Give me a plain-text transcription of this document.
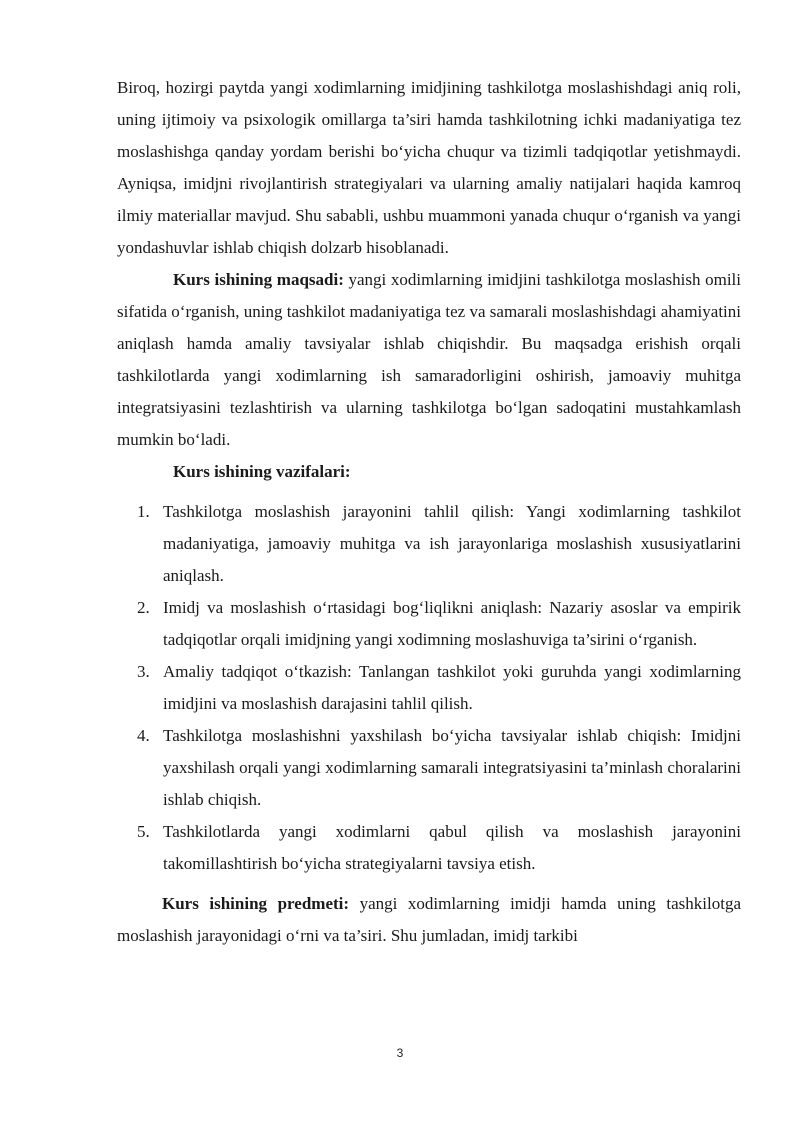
Biroq, hozirgi paytda yangi xodimlarning imidjining tashkilotga moslashishdagi aniq roli, uning ijtimoiy va psixologik omillarga ta’siri hamda tashkilotning ichki madaniyatiga tez moslashishga qanday yordam berishi bo‘yicha chuqur va tizimli tadqiqotlar yetishmaydi. Ayniqsa, imidjni rivojlantirish strategiyalari va ularning amaliy natijalari haqida kamroq ilmiy materiallar mavjud. Shu sababli, ushbu muammoni yanada chuqur o‘rganish va yangi yondashuvlar ishlab chiqish dolzarb hisoblanadi.

Kurs ishining maqsadi: yangi xodimlarning imidjini tashkilotga moslashish omili sifatida o‘rganish, uning tashkilot madaniyatiga tez va samarali moslashishdagi ahamiyatini aniqlash hamda amaliy tavsiyalar ishlab chiqishdir. Bu maqsadga erishish orqali tashkilotlarda yangi xodimlarning ish samaradorligini oshirish, jamoaviy muhitga integratsiyasini tezlashtirish va ularning tashkilotga bo‘lgan sadoqatini mustahkamlash mumkin bo‘ladi.

Kurs ishining vazifalari:

1. Tashkilotga moslashish jarayonini tahlil qilish: Yangi xodimlarning tashkilot madaniyatiga, jamoaviy muhitga va ish jarayonlariga moslashish xususiyatlarini aniqlash.
2. Imidj va moslashish o‘rtasidagi bog‘liqlikni aniqlash: Nazariy asoslar va empirik tadqiqotlar orqali imidjning yangi xodimning moslashuviga ta’sirini o‘rganish.
3. Amaliy tadqiqot o‘tkazish: Tanlangan tashkilot yoki guruhda yangi xodimlarning imidjini va moslashish darajasini tahlil qilish.
4. Tashkilotga moslashishni yaxshilash bo‘yicha tavsiyalar ishlab chiqish: Imidjni yaxshilash orqali yangi xodimlarning samarali integratsiyasini ta’minlash choralarini ishlab chiqish.
5. Tashkilotlarda yangi xodimlarni qabul qilish va moslashish jarayonini takomillashtirish bo‘yicha strategiyalarni tavsiya etish.

Kurs ishining predmeti: yangi xodimlarning imidji hamda uning tashkilotga moslashish jarayonidagi o‘rni va ta’siri. Shu jumladan, imidj tarkibi

3
